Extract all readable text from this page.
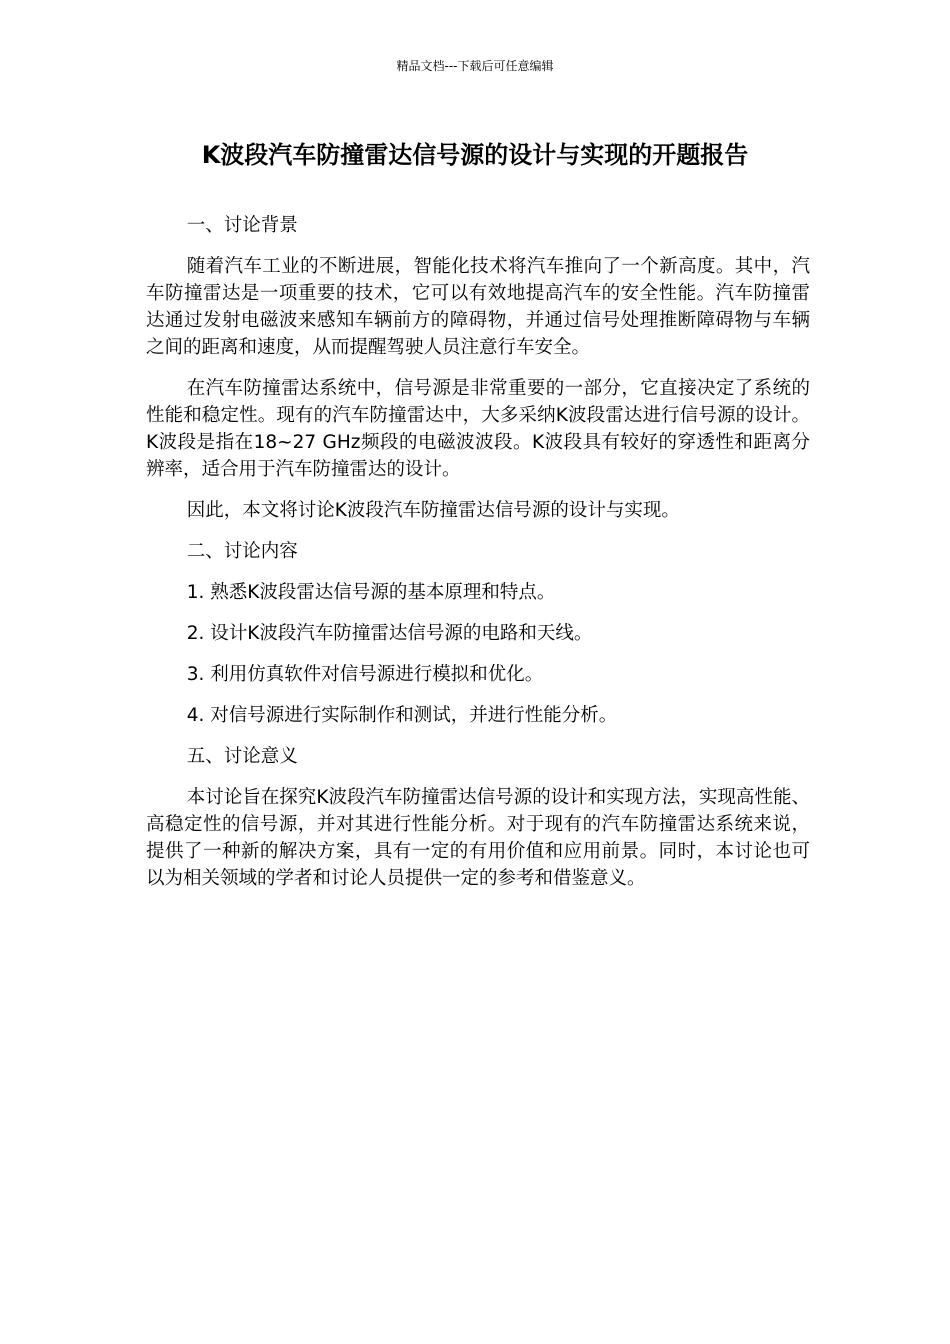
精品文档---下载后可任意编辑
K波段汽车防撞雷达信号源的设计与实现的开题报告

一、讨论背景

随着汽车工业的不断进展，智能化技术将汽车推向了一个新高度。其中，汽车防撞雷达是一项重要的技术，它可以有效地提高汽车的安全性能。汽车防撞雷达通过发射电磁波来感知车辆前方的障碍物，并通过信号处理推断障碍物与车辆之间的距离和速度，从而提醒驾驶人员注意行车安全。

在汽车防撞雷达系统中，信号源是非常重要的一部分，它直接决定了系统的性能和稳定性。现有的汽车防撞雷达中，大多采纳K波段雷达进行信号源的设计。K波段是指在18~27 GHz频段的电磁波波段。K波段具有较好的穿透性和距离分辨率，适合用于汽车防撞雷达的设计。

因此，本文将讨论K波段汽车防撞雷达信号源的设计与实现。

二、讨论内容

1. 熟悉K波段雷达信号源的基本原理和特点。

2. 设计K波段汽车防撞雷达信号源的电路和天线。

3. 利用仿真软件对信号源进行模拟和优化。

4. 对信号源进行实际制作和测试，并进行性能分析。

五、讨论意义

本讨论旨在探究K波段汽车防撞雷达信号源的设计和实现方法，实现高性能、高稳定性的信号源，并对其进行性能分析。对于现有的汽车防撞雷达系统来说，提供了一种新的解决方案，具有一定的有用价值和应用前景。同时，本讨论也可以为相关领域的学者和讨论人员提供一定的参考和借鉴意义。
